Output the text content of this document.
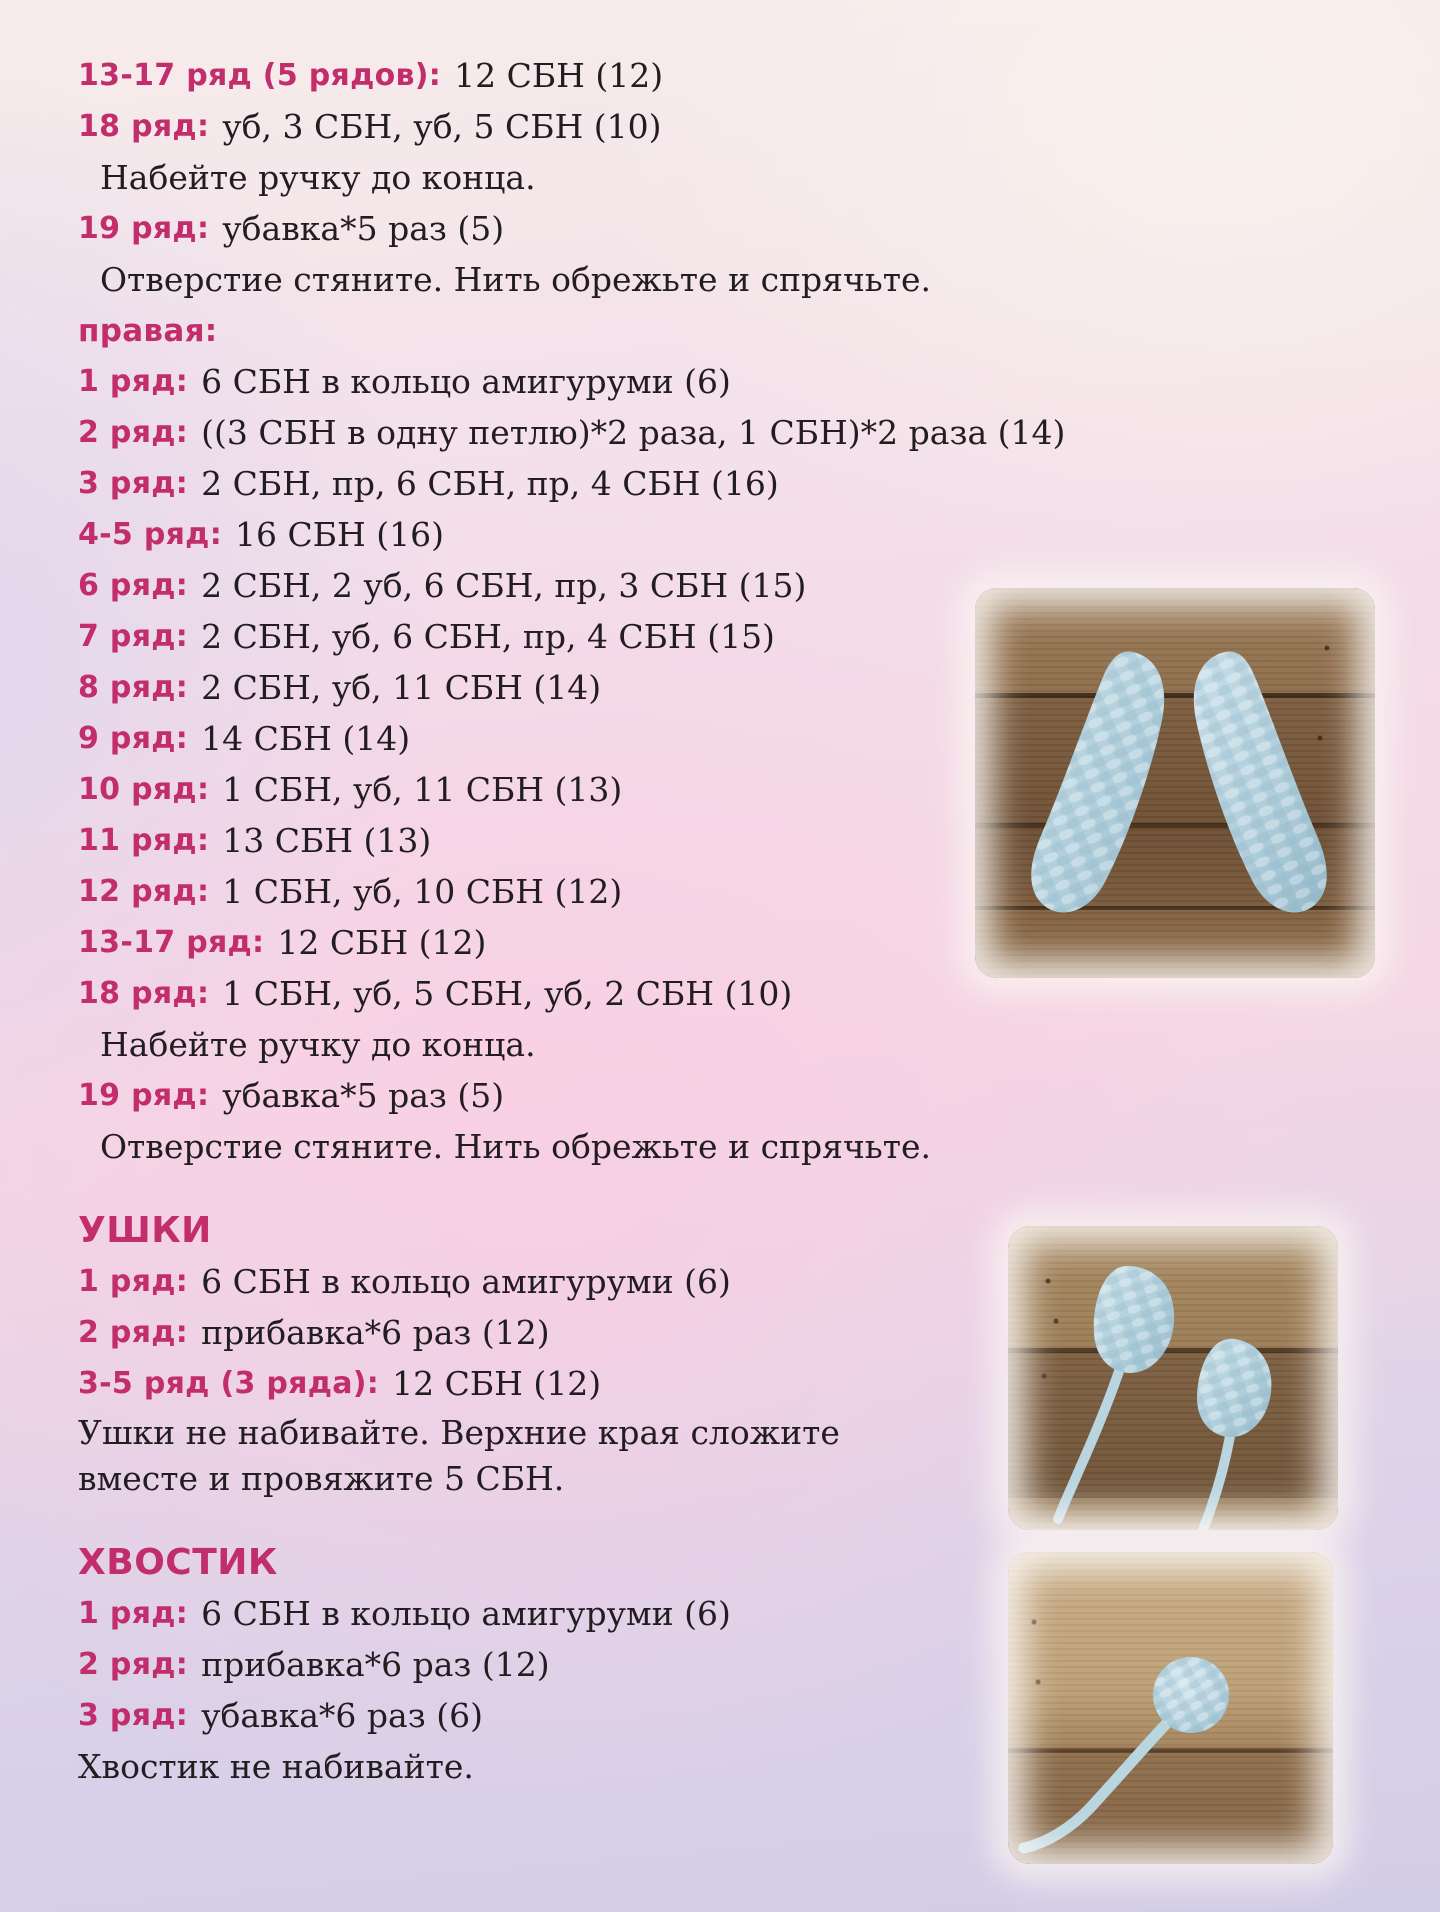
13-17 ряд (5 рядов): 12 СБН (12)
18 ряд: уб, 3 СБН, уб, 5 СБН (10)
Набейте ручку до конца.
19 ряд: убавка*5 раз (5)
Отверстие стяните. Нить обрежьте и спрячьте.
правая:
1 ряд: 6 СБН в кольцо амигуруми (6)
2 ряд: ((3 СБН в одну петлю)*2 раза, 1 СБН)*2 раза (14)
3 ряд: 2 СБН, пр, 6 СБН, пр, 4 СБН (16)
4-5 ряд: 16 СБН (16)
6 ряд: 2 СБН, 2 уб, 6 СБН, пр, 3 СБН (15)
7 ряд: 2 СБН, уб, 6 СБН, пр, 4 СБН (15)
8 ряд: 2 СБН, уб, 11 СБН (14)
9 ряд: 14 СБН (14)
10 ряд: 1 СБН, уб, 11 СБН (13)
11 ряд: 13 СБН (13)
12 ряд: 1 СБН, уб, 10 СБН (12)
13-17 ряд: 12 СБН (12)
18 ряд: 1 СБН, уб, 5 СБН, уб, 2 СБН (10)
Набейте ручку до конца.
19 ряд: убавка*5 раз (5)
Отверстие стяните. Нить обрежьте и спрячьте.
УШКИ
1 ряд: 6 СБН в кольцо амигуруми (6)
2 ряд: прибавка*6 раз (12)
3-5 ряд (3 ряда): 12 СБН (12)
Ушки не набивайте. Верхние края сложите
вместе и провяжите 5 СБН.
ХВОСТИК
1 ряд: 6 СБН в кольцо амигуруми (6)
2 ряд: прибавка*6 раз (12)
3 ряд: убавка*6 раз (6)
Хвостик не набивайте.
